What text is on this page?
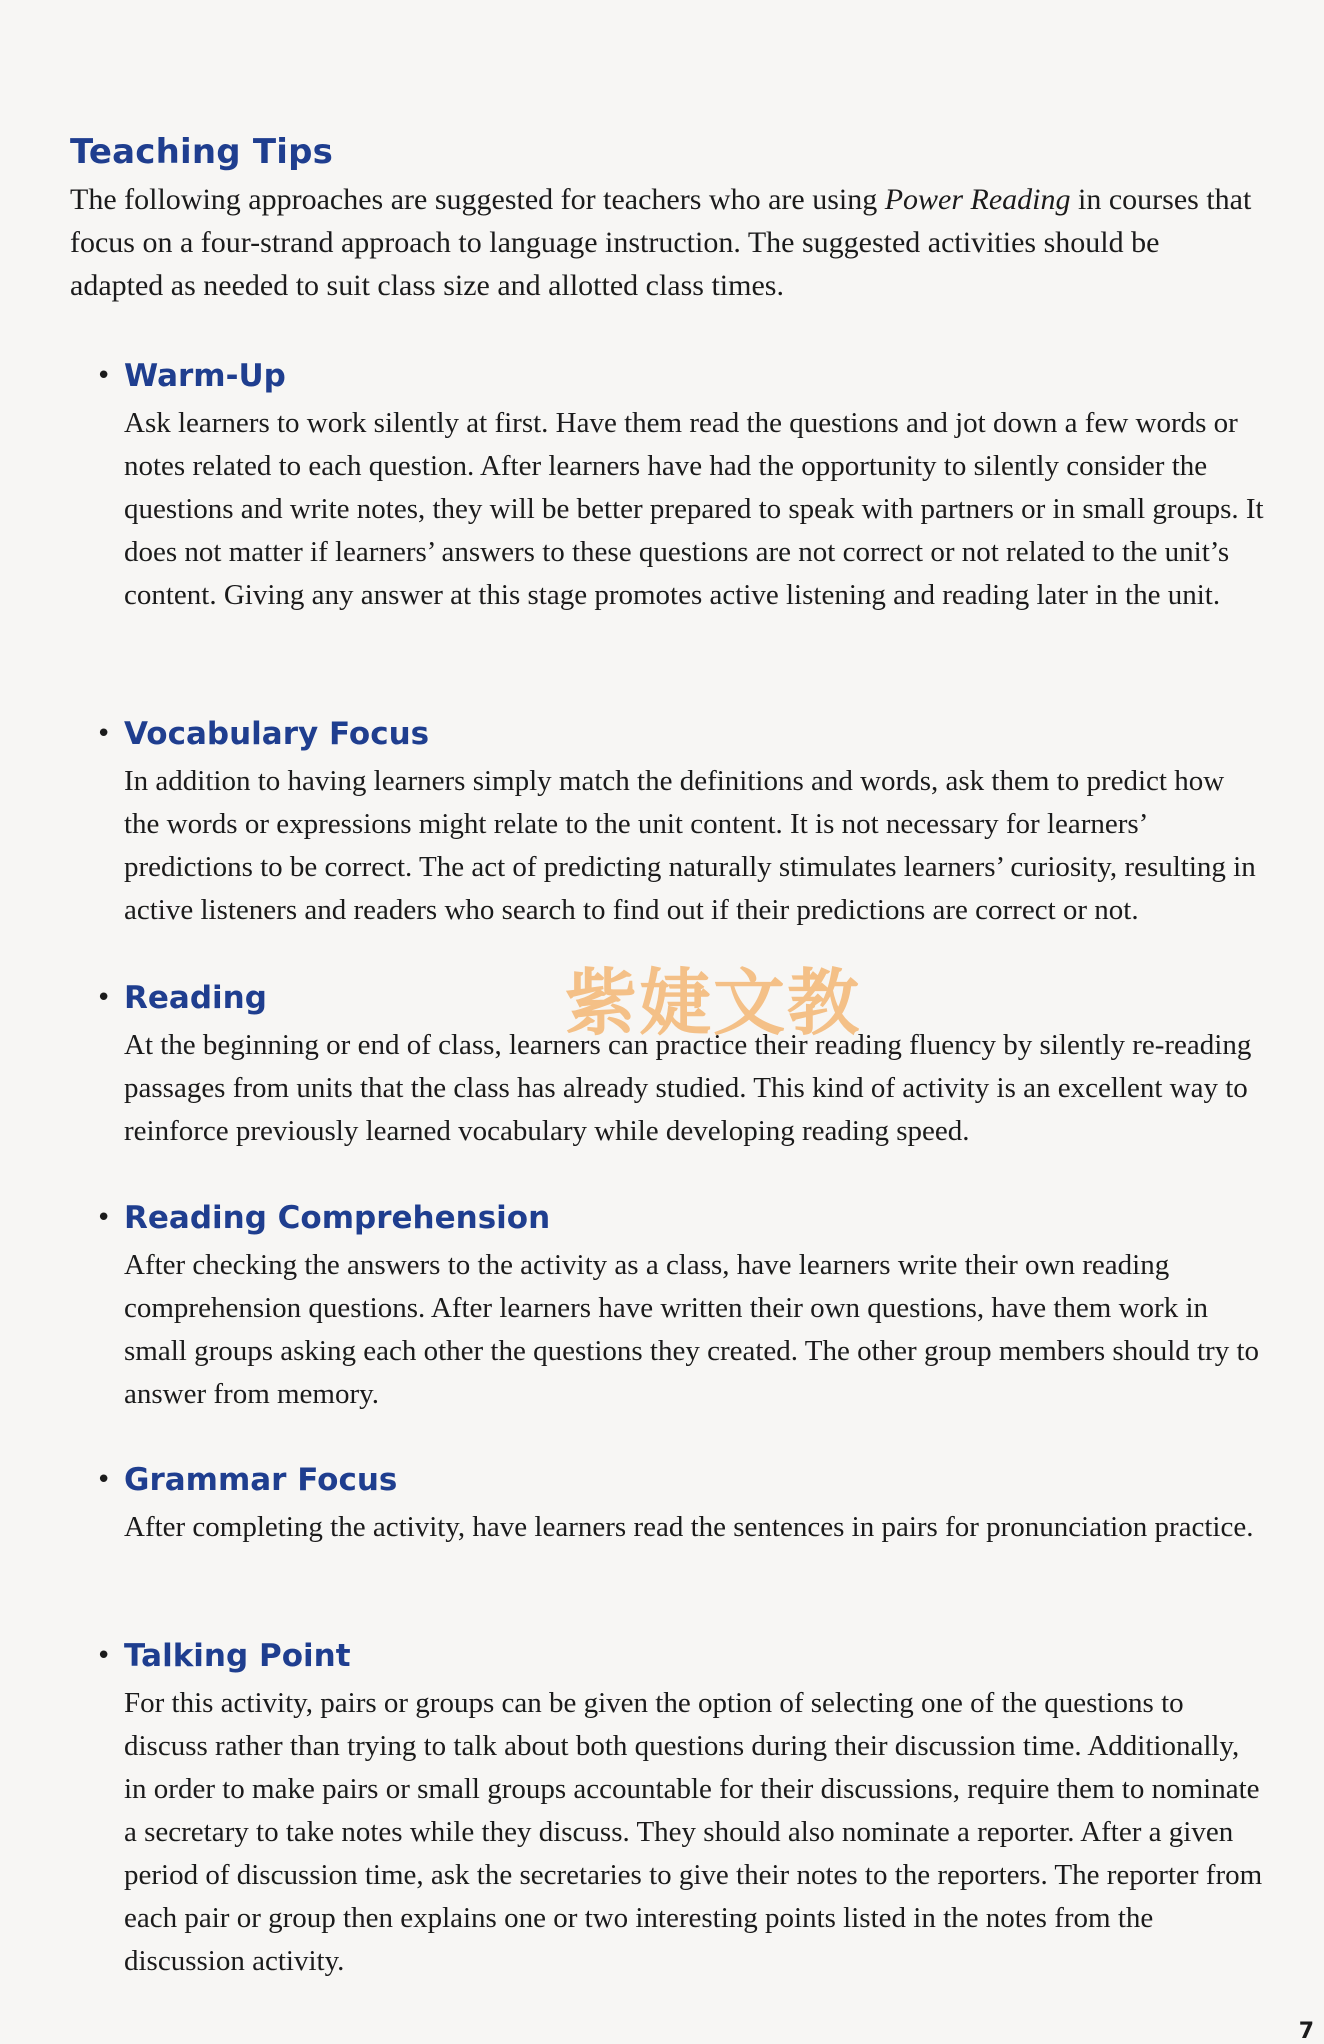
Teaching Tips

The following approaches are suggested for teachers who are using Power Reading in courses that focus on a four-strand approach to language instruction. The suggested activities should be adapted as needed to suit class size and allotted class times.

• Warm-Up

Ask learners to work silently at first. Have them read the questions and jot down a few words or notes related to each question. After learners have had the opportunity to silently consider the questions and write notes, they will be better prepared to speak with partners or in small groups. It does not matter if learners’ answers to these questions are not correct or not related to the unit’s content. Giving any answer at this stage promotes active listening and reading later in the unit.

• Vocabulary Focus

In addition to having learners simply match the definitions and words, ask them to predict how the words or expressions might relate to the unit content. It is not necessary for learners’ predictions to be correct. The act of predicting naturally stimulates learners’ curiosity, resulting in active listeners and readers who search to find out if their predictions are correct or not.

• Reading

At the beginning or end of class, learners can practice their reading fluency by silently re-reading passages from units that the class has already studied. This kind of activity is an excellent way to reinforce previously learned vocabulary while developing reading speed.

• Reading Comprehension

After checking the answers to the activity as a class, have learners write their own reading comprehension questions. After learners have written their own questions, have them work in small groups asking each other the questions they created. The other group members should try to answer from memory.

• Grammar Focus

After completing the activity, have learners read the sentences in pairs for pronunciation practice.

• Talking Point

For this activity, pairs or groups can be given the option of selecting one of the questions to discuss rather than trying to talk about both questions during their discussion time. Additionally, in order to make pairs or small groups accountable for their discussions, require them to nominate a secretary to take notes while they discuss. They should also nominate a reporter. After a given period of discussion time, ask the secretaries to give their notes to the reporters. The reporter from each pair or group then explains one or two interesting points listed in the notes from the discussion activity.

紫婕文教
7
